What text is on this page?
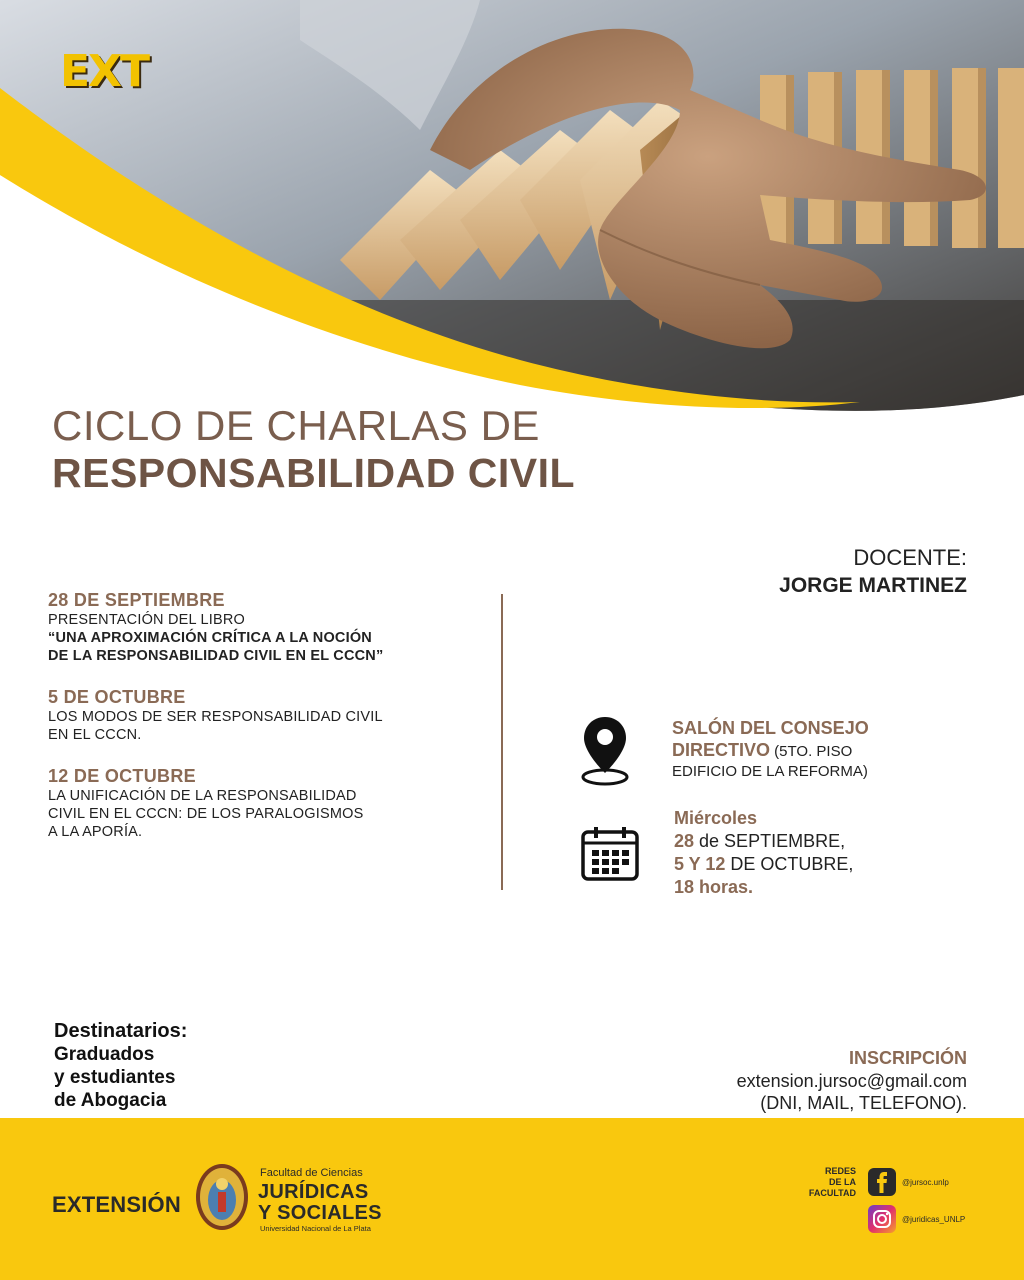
EXT
CICLO DE CHARLAS DE
RESPONSABILIDAD CIVIL
DOCENTE:
JORGE MARTINEZ
28 DE SEPTIEMBRE
PRESENTACIÓN DEL LIBRO
“UNA APROXIMACIÓN CRÍTICA A LA NOCIÓN
DE LA RESPONSABILIDAD CIVIL EN EL CCCN”
5 DE OCTUBRE
LOS MODOS DE SER RESPONSABILIDAD CIVIL
EN EL CCCN.
12 DE OCTUBRE
LA UNIFICACIÓN DE LA RESPONSABILIDAD
CIVIL EN EL CCCN: DE LOS PARALOGISMOS
A LA APORÍA.
SALÓN DEL CONSEJO
DIRECTIVO (5TO. PISO
EDIFICIO DE LA REFORMA)
Miércoles
28 de SEPTIEMBRE,
5 Y 12 DE OCTUBRE,
18 horas.
Destinatarios:
Graduados
y estudiantes
de Abogacia
INSCRIPCIÓN
extension.jursoc@gmail.com
(DNI, MAIL, TELEFONO).
EXTENSIÓN
Facultad de Ciencias
JURÍDICAS
Y SOCIALES
Universidad Nacional de La Plata
REDES
DE LA
FACULTAD
@jursoc.unlp
@juridicas_UNLP
